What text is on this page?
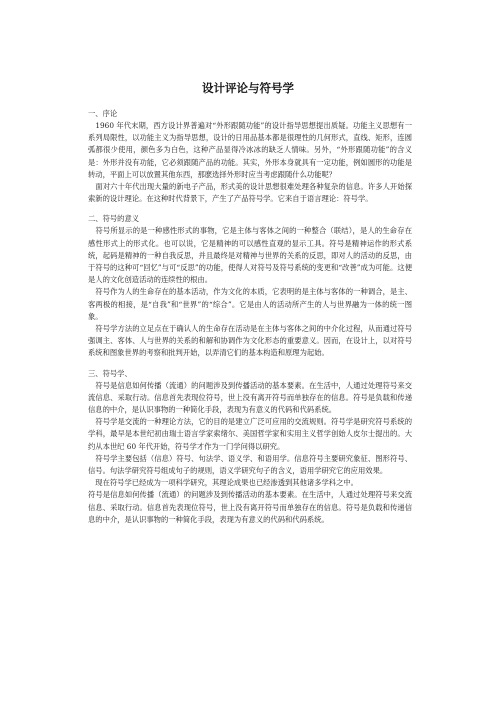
设计评论与符号学
一、序论

　1960 年代末期，西方设计界普遍对“外形跟随功能”的设计指导思想提出质疑。功能主义思想有一系列局限性，以功能主义为指导思想，设计的日用品基本都是很理性的几何形式，直线、矩形，连圆弧都很少使用，颜色多为白色，这种产品显得冷冰冰的缺乏人情味。另外，“外形跟随功能”的含义是：外形并没有功能，它必须跟随产品的功能。其实，外形本身就具有一定功能，例如圆形的功能是转动，平面上可以放置其他东西，那麽选择外形时应当考虑跟随什么功能呢？

　面对六十年代出现大量的新电子产品，形式美的设计思想很难处理各种复杂的信息。许多人开始探索新的设计理论。在这种时代背景下，产生了产品符号学。它来自于语言理论：符号学。

二、符号的意义

　符号所显示的是一种感性形式的事物，它是主体与客体之间的一种整合（联结），是人的生命存在感性形式上的形式化。也可以说，它是精神的可以感性直观的显示工具。符号是精神运作的形式系统，起码是精神的一种自我反思，并且最终是对精神与世界的关系的反思，即对人的活动的反思，由于符号的这种可“回忆”与可“反思”的功能，使得人对符号及符号系统的变更和“改善”成为可能。这便是人的文化创造活动的连续性的根由。

　符号作为人的生命存在的基本活动，作为文化的本质，它表明的是主体与客体的一种调合，是主、客两极的相接，是“自我”和“世界”的“综合”。它是由人的活动所产生的人与世界融为一体的统一图象。

　符号学方法的立足点在于确认人的生命存在活动是在主体与客体之间的中介化过程，从而通过符号强调主、客体、人与世界的关系的和解和协调作为文化形态的重要意义。因而，在设计上，以对符号系统和图象世界的考察和批判开始，以弄清它们的基本构造和原理为起始。

三、符号学、

　符号是信息如何传播（流通）的问题涉及到传播活动的基本要素。在生活中，人通过处理符号来交流信息、采取行动。信息首先表现位符号，世上没有离开符号而单独存在的信息。符号是负载和传递信息的中介，是认识事物的一种简化手段，表现为有意义的代码和代码系统。

　符号学是交流的一种理论方法，它的目的是建立广泛可应用的交流规则。符号学是研究符号系统的学科，最早是本世纪初由瑞士语言学家索绪尔、美国哲学家和实用主义哲学创始人皮尔士提出的。大约从本世纪 60 年代开始，符号学才作为一门学问得以研究。

　符号学主要包括（信息）符号、句法学、语义学、和语用学。信息符号主要研究象征、图形符号、信号。句法学研究符号组成句子的规则，语义学研究句子的含义，语用学研究它的应用效果。

　现在符号学已经成为一项科学研究，其理论成果也已经渗透到其他诸多学科之中。

符号是信息如何传播（流通）的问题涉及到传播活动的基本要素。在生活中，人通过处理符号来交流信息、采取行动。信息首先表现位符号，世上没有离开符号而单独存在的信息。符号是负载和传递信息的中介，是认识事物的一种简化手段，表现为有意义的代码和代码系统。
